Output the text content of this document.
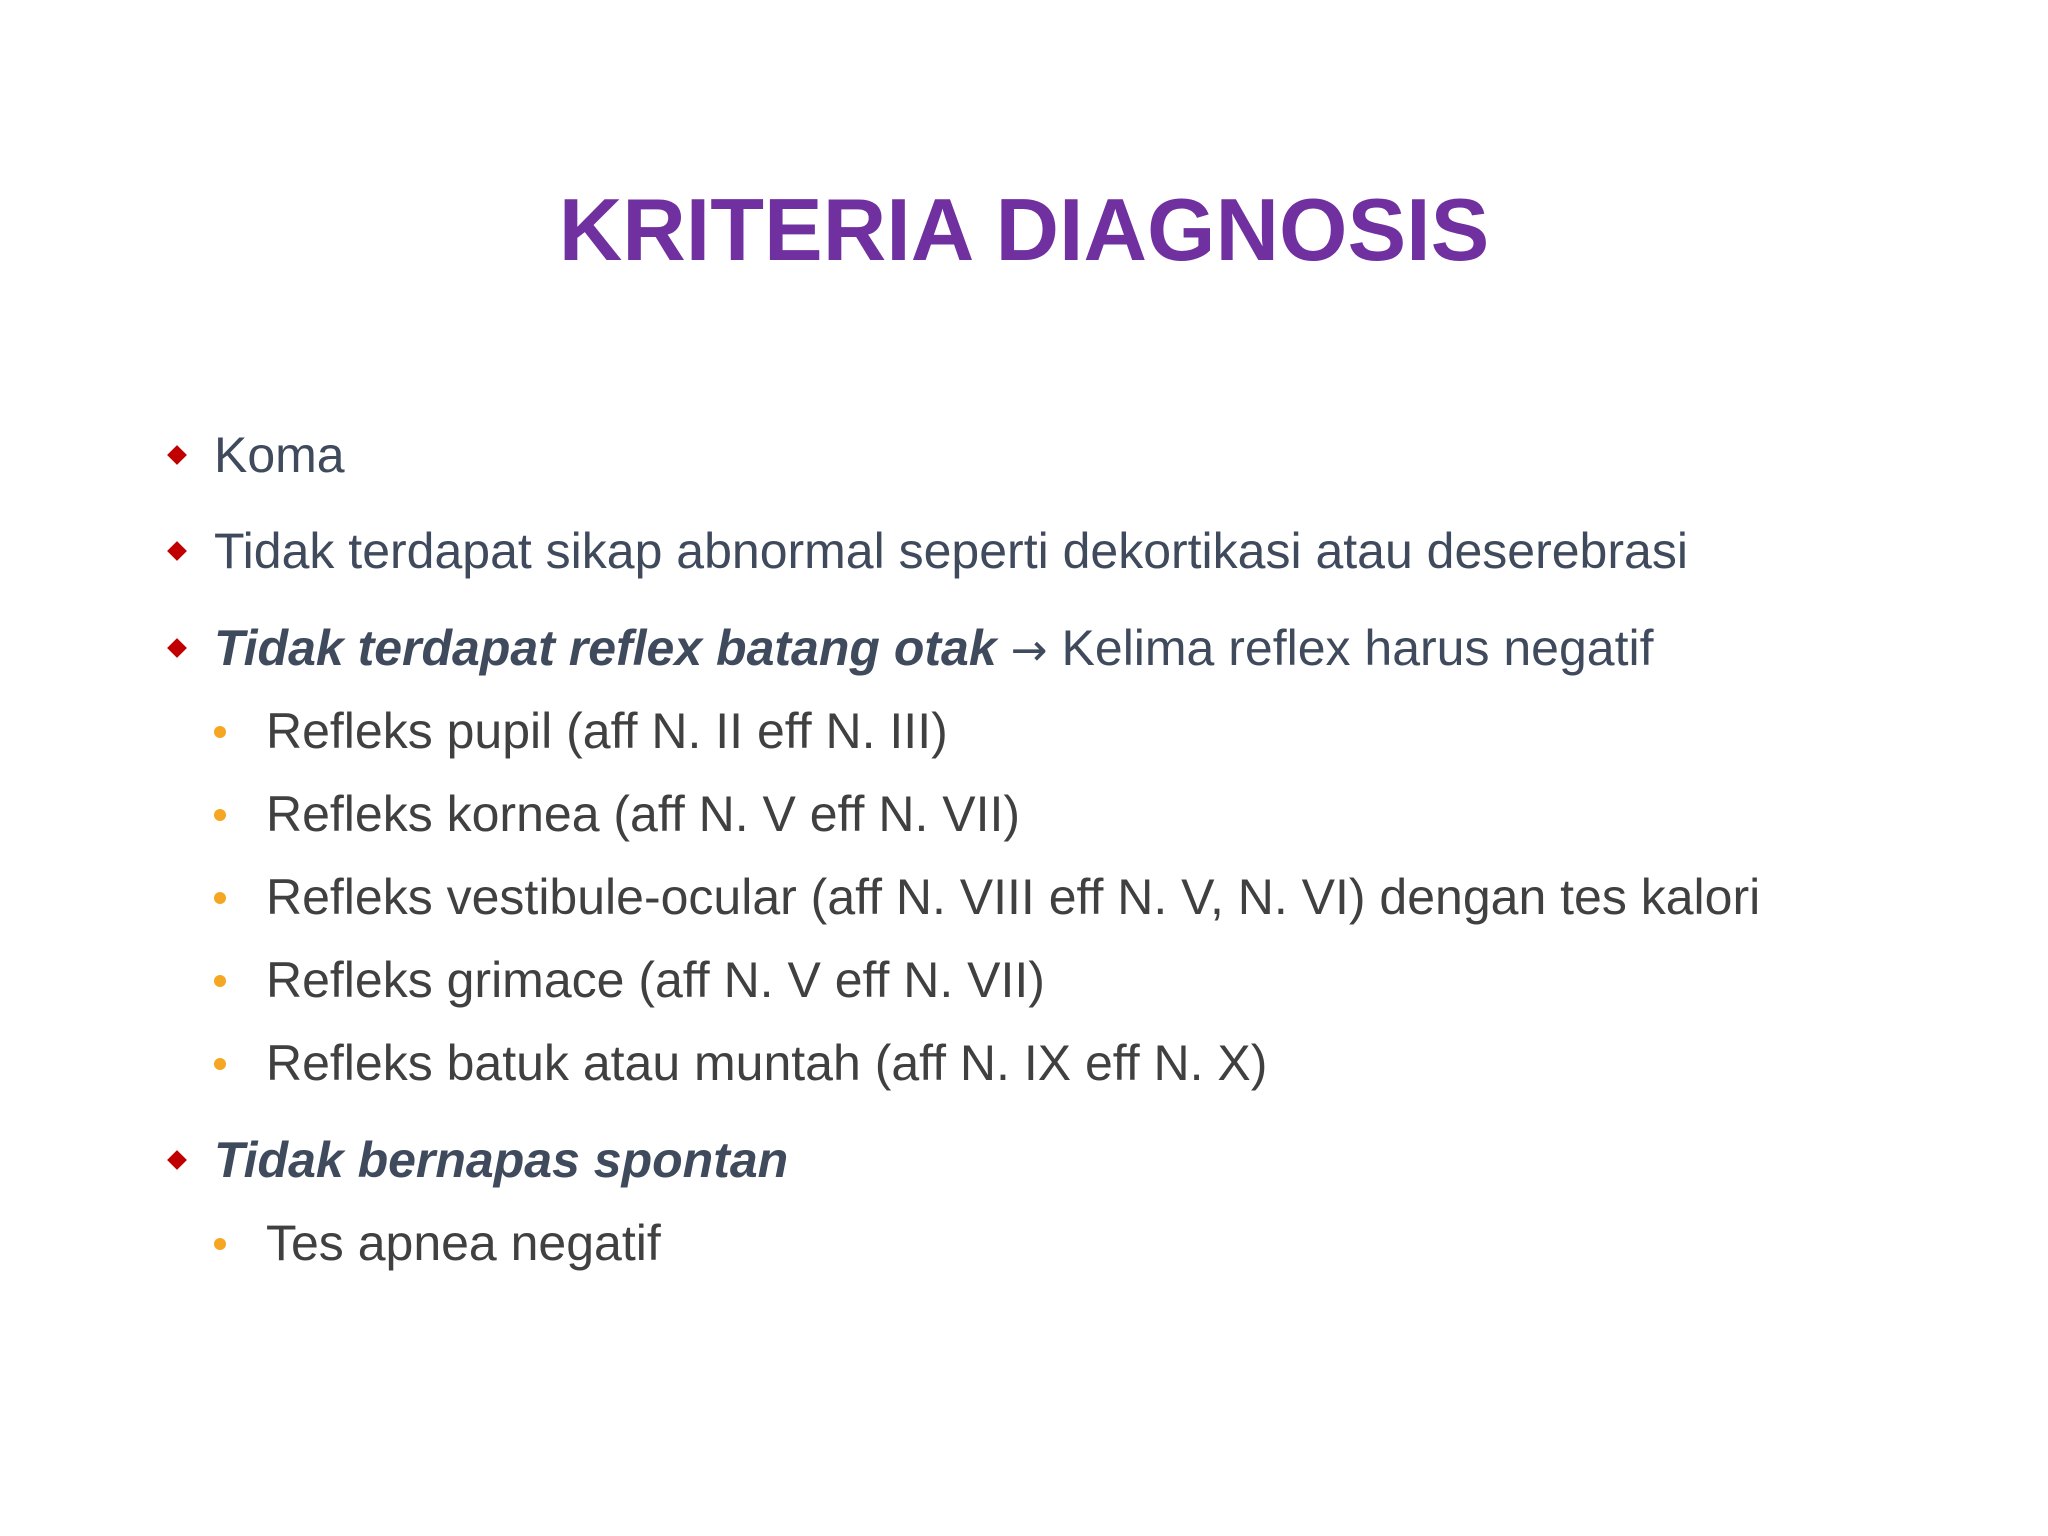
KRITERIA DIAGNOSIS
Koma
Tidak terdapat sikap abnormal seperti dekortikasi atau deserebrasi
Tidak terdapat reflex batang otak → Kelima reflex harus negatif
Refleks pupil (aff N. II eff N. III)
Refleks kornea (aff N. V eff N. VII)
Refleks vestibule-ocular (aff N. VIII eff N. V, N. VI) dengan tes kalori
Refleks grimace (aff N. V eff N. VII)
Refleks batuk atau muntah (aff N. IX eff N. X)
Tidak bernapas spontan
Tes apnea negatif
